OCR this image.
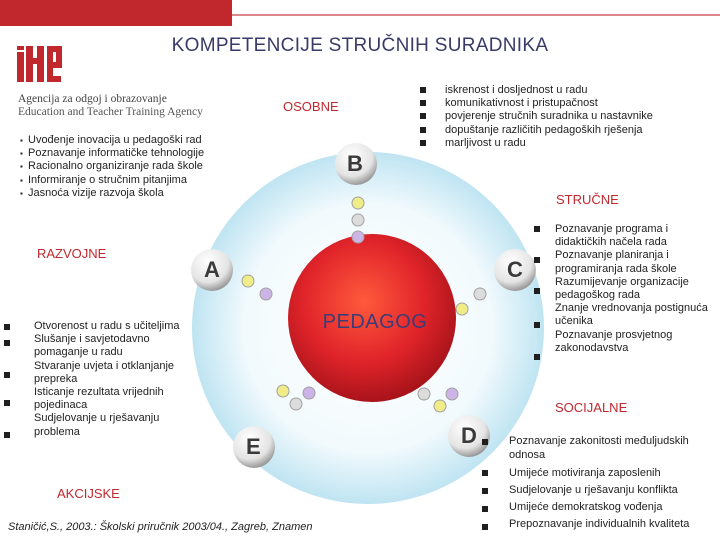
KOMPETENCIJE STRUČNIH SURADNIKA
Agencija za odgoj i obrazovanje
Education and Teacher Training Agency
B
A	C
E	D
PEDAGOG
OSOBNE
iskrenost i dosljednost u radu
komunikativnost i pristupačnost
povjerenje stručnih suradnika u nastavnike
dopuštanje različitih pedagoških rješenja
marljivost u radu
▪ Uvođenje inovacija u pedagoški rad
▪ Poznavanje informatičke tehnologije
▪ Racionalno organiziranje rada škole
▪ Informiranje o stručnim pitanjima
▪ Jasnoća vizije razvoja škola
RAZVOJNE
STRUČNE
Poznavanje programa i didaktičkih načela rada
Poznavanje planiranja i programiranja rada škole
Razumijevanje organizacije pedagoškog rada
Znanje vrednovanja postignuća učenika
Poznavanje prosvjetnog zakonodavstva
Otvorenost u radu s učiteljima
Slušanje i savjetodavno pomaganje u radu
Stvaranje uvjeta i otklanjanje prepreka
Isticanje rezultata vrijednih pojedinaca
Sudjelovanje u rješavanju problema
AKCIJSKE
SOCIJALNE
Poznavanje zakonitosti međuljudskih odnosa
Umijeće motiviranja zaposlenih
Sudjelovanje u rješavanju konflikta
Umijeće demokratskog vođenja
Prepoznavanje individualnih kvaliteta
Staničić,S., 2003.: Školski priručnik 2003/04., Zagreb, Znamen
